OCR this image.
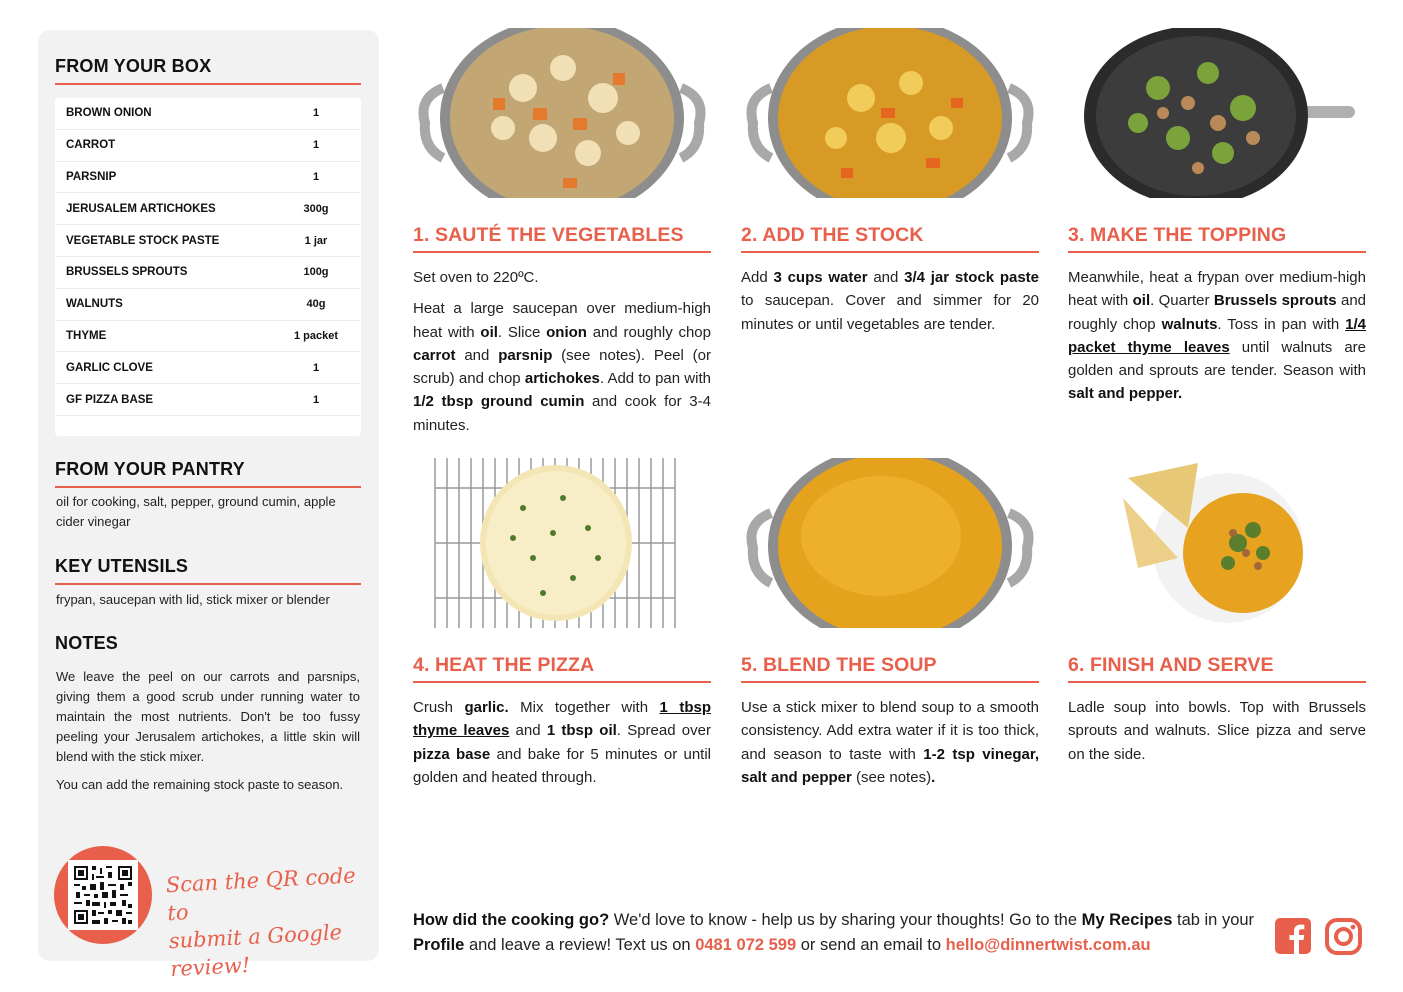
FROM YOUR BOX
BROWN ONION	1
CARROT	1
PARSNIP	1
JERUSALEM ARTICHOKES	300g
VEGETABLE STOCK PASTE	1 jar
BRUSSELS SPROUTS	100g
WALNUTS	40g
THYME	1 packet
GARLIC CLOVE	1
GF PIZZA BASE	1
FROM YOUR PANTRY
oil for cooking, salt, pepper, ground cumin, apple cider vinegar
KEY UTENSILS
frypan, saucepan with lid, stick mixer or blender
NOTES

We leave the peel on our carrots and parsnips, giving them a good scrub under running water to maintain the most nutrients. Don't be too fussy peeling your Jerusalem artichokes, a little skin will blend with the stick mixer.

You can add the remaining stock paste to season.

Scan the QR code to
submit a Google review!
1. SAUTÉ THE VEGETABLES	2. ADD THE STOCK	3. MAKE THE TOPPING
4. HEAT THE PIZZA	5. BLEND THE SOUP	6. FINISH AND SERVE

Set oven to 220ºC.

Heat a large saucepan over medium-high heat with oil. Slice onion and roughly chop carrot and parsnip (see notes). Peel (or scrub) and chop artichokes. Add to pan with 1/2 tbsp ground cumin and cook for 3-4 minutes.

Add 3 cups water and 3/4 jar stock paste to saucepan. Cover and simmer for 20 minutes or until vegetables are tender.

Meanwhile, heat a frypan over medium-high heat with oil. Quarter Brussels sprouts and roughly chop walnuts. Toss in pan with 1/4 packet thyme leaves until walnuts are golden and sprouts are tender. Season with salt and pepper.

Crush garlic. Mix together with 1 tbsp thyme leaves and 1 tbsp oil. Spread over pizza base and bake for 5 minutes or until golden and heated through.

Use a stick mixer to blend soup to a smooth consistency. Add extra water if it is too thick, and season to taste with 1-2 tsp vinegar, salt and pepper (see notes).

Ladle soup into bowls. Top with Brussels sprouts and walnuts. Slice pizza and serve on the side.

How did the cooking go? We'd love to know - help us by sharing your thoughts! Go to the My Recipes tab in your Profile and leave a review! Text us on 0481 072 599 or send an email to hello@dinnertwist.com.au
